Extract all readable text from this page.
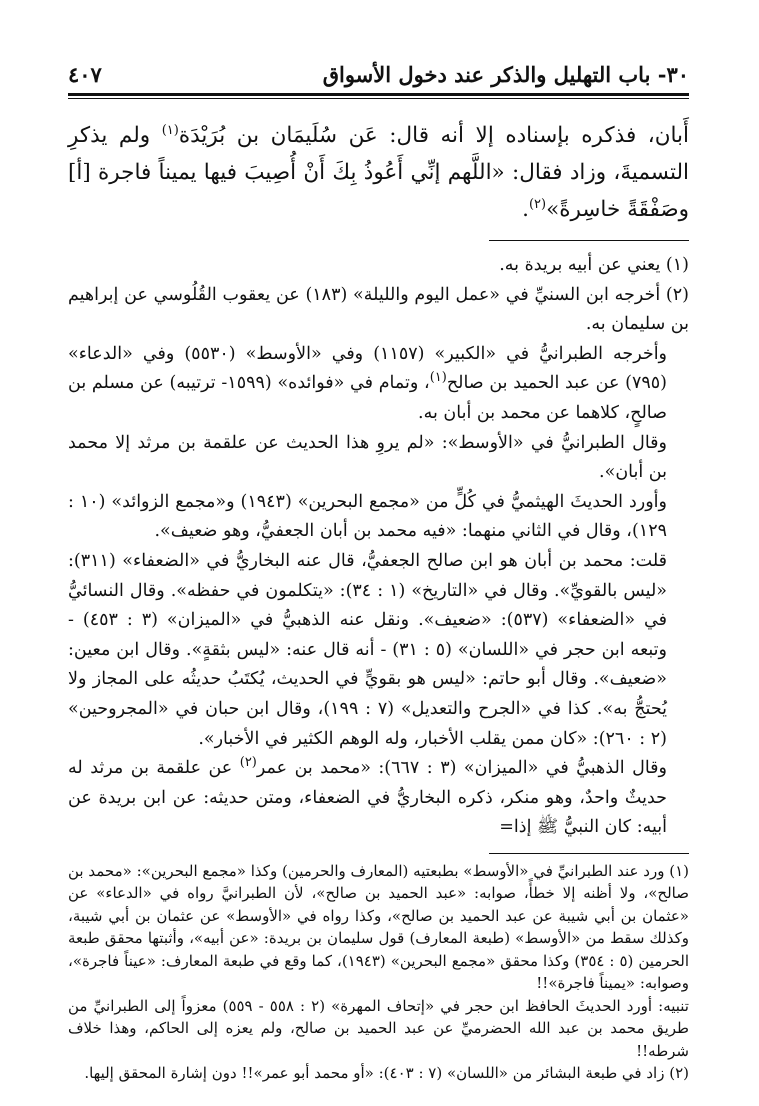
٣٠- باب التهليل والذكر عند دخول الأسواق
٤٠٧

أَبان، فذكره بإسناده إلا أنه قال: عَن سُلَيمَان بن بُرَيْدَة$^{(١)}$ ولم يذكرِ التسميةَ، وزاد فقال: «اللَّهم إنِّي أَعُوذُ بِكَ أَنْ أُصِيبَ فيها يميناً فاجرة [أ] وصَفْقَةً خاسِرةً»$^{(٢)}$.

(١) يعني عن أبيه بريدة به.

(٢) أخرجه ابن السنيِّ في «عمل اليوم والليلة» (١٨٣) عن يعقوب القُلُوسي عن إبراهيم بن سليمان به.

وأخرجه الطبرانيُّ في «الكبير» (١١٥٧) وفي «الأوسط» (٥٥٣٠) وفي «الدعاء» (٧٩٥) عن عبد الحميد بن صالح$^{(١)}$، وتمام في «فوائده» (١٥٩٩- ترتيبه) عن مسلم بن صالحٍ، كلاهما عن محمد بن أبان به.

وقال الطبرانيُّ في «الأوسط»: «لم يروِ هذا الحديث عن علقمة بن مرثد إلا محمد بن أبان».

وأورد الحديثَ الهيثميُّ في كُلٍّ من «مجمع البحرين» (١٩٤٣) و«مجمع الزوائد» (١٠ : ١٢٩)، وقال في الثاني منهما: «فيه محمد بن أبان الجعفيُّ، وهو ضعيف».

قلت: محمد بن أبان هو ابن صالح الجعفيُّ، قال عنه البخاريُّ في «الضعفاء» (٣١١): «ليس بالقويِّ». وقال في «التاريخ» (١ : ٣٤): «يتكلمون في حفظه». وقال النسائيُّ في «الضعفاء» (٥٣٧): «ضعيف». ونقل عنه الذهبيُّ في «الميزان» (٣ : ٤٥٣) - وتبعه ابن حجر في «اللسان» (٥ : ٣١) - أنه قال عنه: «ليس بثقةٍ». وقال ابن معين: «ضعيف». وقال أبو حاتم: «ليس هو بقويٍّ في الحديث، يُكتَبُ حديثُه على المجاز ولا يُحتجُّ به». كذا في «الجرح والتعديل» (٧ : ١٩٩)، وقال ابن حبان في «المجروحين» (٢ : ٢٦٠): «كان ممن يقلب الأخبار، وله الوهم الكثير في الأخبار».

وقال الذهبيُّ في «الميزان» (٣ : ٦٦٧): «محمد بن عمر$^{(٢)}$ عن علقمة بن مرثد له حديثٌ واحدٌ، وهو منكر، ذكره البخاريُّ في الضعفاء، ومتن حديثه: عن ابن بريدة عن أبيه: كان النبيُّ ﷺ إذا=

(١) ورد عند الطبرانيِّ في «الأوسط» بطبعتيه (المعارف والحرمين) وكذا «مجمع البحرين»: «محمد بن صالح»، ولا أظنه إلا خطأً، صوابه: «عبد الحميد بن صالح»، لأن الطبرانيَّ رواه في «الدعاء» عن «عثمان بن أبي شيبة عن عبد الحميد بن صالح»، وكذا رواه في «الأوسط» عن عثمان بن أبي شيبة، وكذلك سقط من «الأوسط» (طبعة المعارف) قول سليمان بن بريدة: «عن أبيه»، وأثبتها محقق طبعة الحرمين (٥ : ٣٥٤) وكذا محقق «مجمع البحرين» (١٩٤٣)، كما وقع في طبعة المعارف: «عيناً فاجرة»، وصوابه: «يميناً فاجرة»!!

تنبيه: أورد الحديثَ الحافظ ابن حجر في «إتحاف المهرة» (٢ : ٥٥٨ - ٥٥٩) معزواً إلى الطبرانيِّ من طريق محمد بن عبد الله الحضرميِّ عن عبد الحميد بن صالح، ولم يعزه إلى الحاكم، وهذا خلاف شرطه!!

(٢) زاد في طبعة البشائر من «اللسان» (٧ : ٤٠٣): «أو محمد أبو عمر»!! دون إشارة المحقق إليها.
